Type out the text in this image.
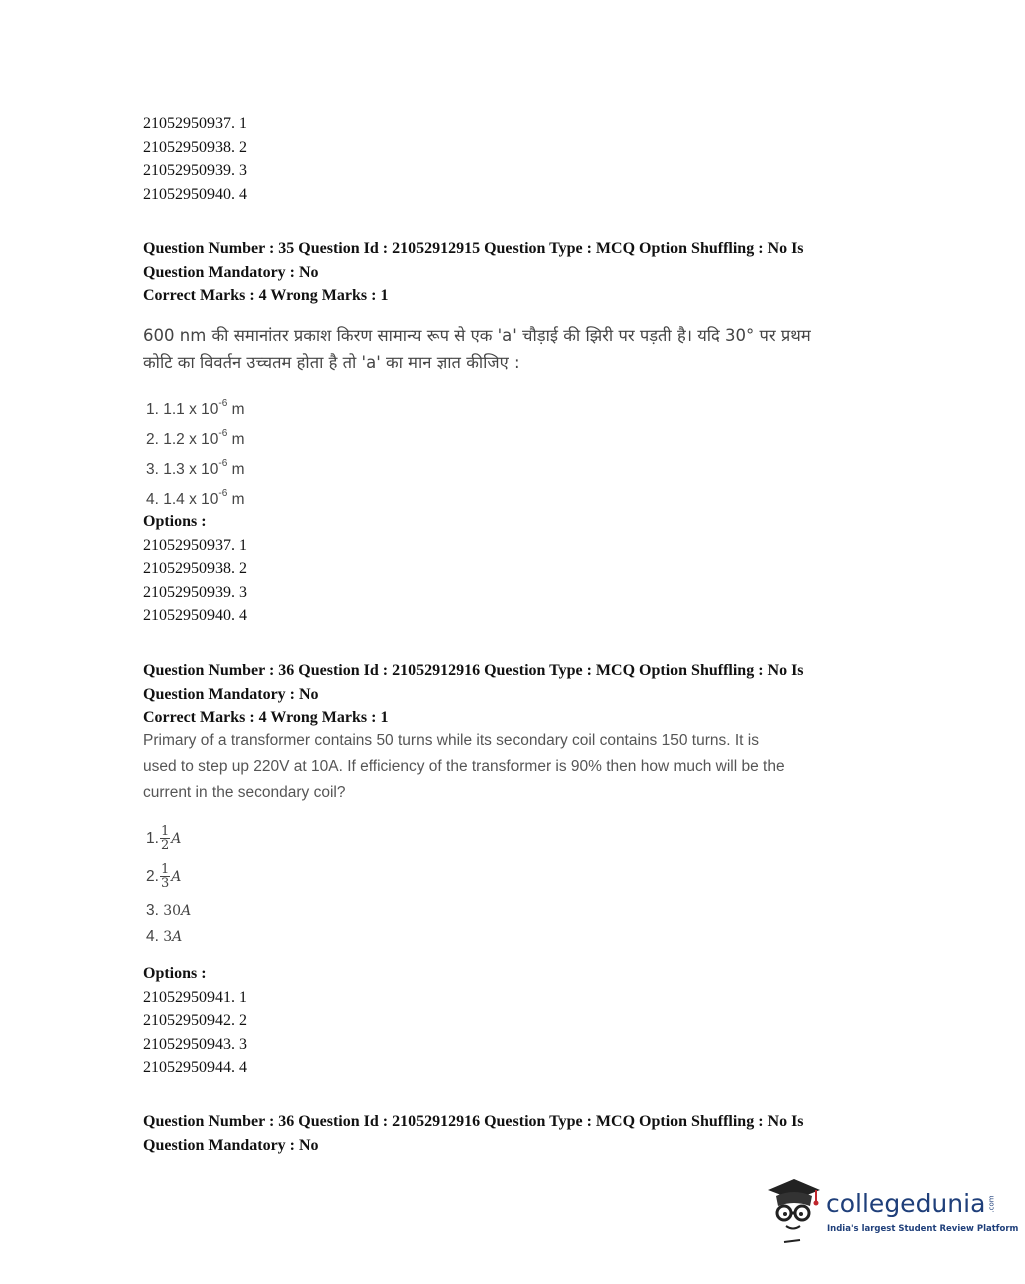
21052950937. 1
21052950938. 2
21052950939. 3
21052950940. 4
Question Number : 35 Question Id : 21052912915 Question Type : MCQ Option Shuffling : No Is
Question Mandatory : No
Correct Marks : 4 Wrong Marks : 1
600 nm की समानांतर प्रकाश किरण सामान्य रूप से एक 'a' चौड़ाई की झिरी पर पड़ती है। यदि 30° पर प्रथम
कोटि का विवर्तन उच्चतम होता है तो 'a' का मान ज्ञात कीजिए :
1. 1.1 x $10^{-6}$ m
2. 1.2 x $10^{-6}$ m
3. 1.3 x $10^{-6}$ m
4. 1.4 x $10^{-6}$ m
Options :
21052950937. 1
21052950938. 2
21052950939. 3
21052950940. 4
Question Number : 36 Question Id : 21052912916 Question Type : MCQ Option Shuffling : No Is
Question Mandatory : No
Correct Marks : 4 Wrong Marks : 1
Primary of a transformer contains 50 turns while its secondary coil contains 150 turns. It is
used to step up 220V at 10A. If efficiency of the transformer is 90% then how much will be the
current in the secondary coil?
1. $\frac{1}{2}$ A
2. $\frac{1}{3}$ A
3. 30A
4. 3A
Options :
21052950941. 1
21052950942. 2
21052950943. 3
21052950944. 4
Question Number : 36 Question Id : 21052912916 Question Type : MCQ Option Shuffling : No Is
Question Mandatory : No
collegedunia .com
India's largest Student Review Platform
